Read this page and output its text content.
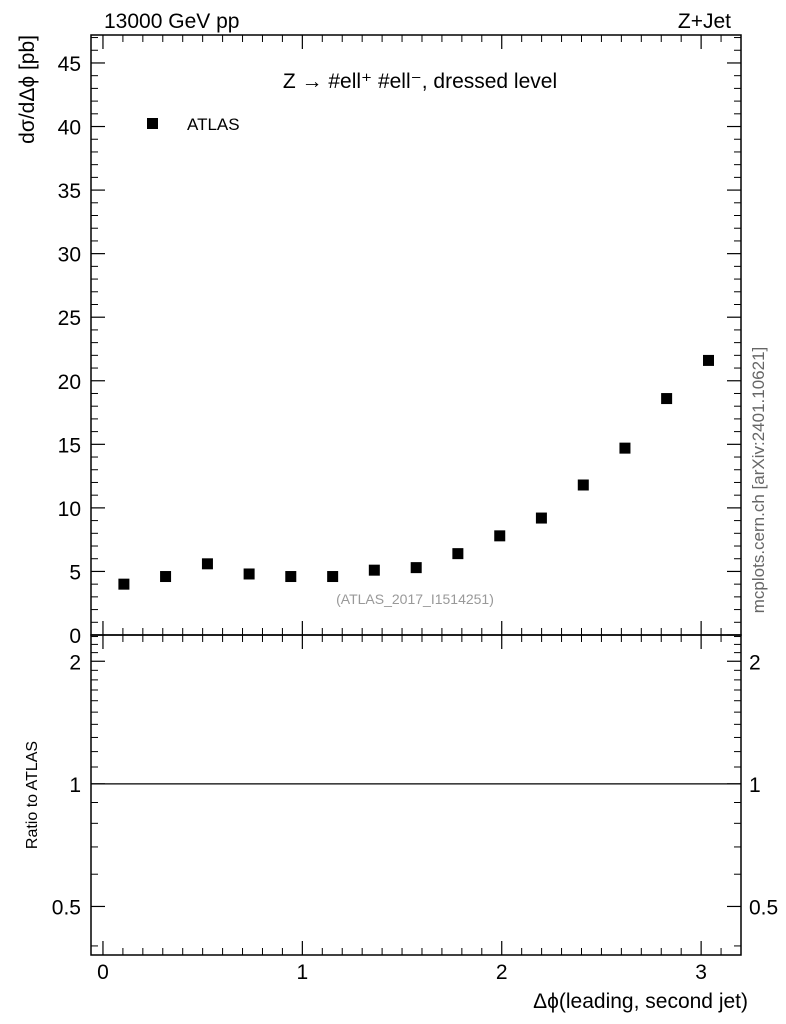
13000 GeV pp	Z+Jet
mcplots.cern.ch [arXiv:2401.10621]
0
5
10
15
20
25
30
35
40
45
dσ/dΔϕ [pb]	Z → #ell⁺ #ell⁻, dressed level
ATLAS
(ATLAS_2017_I1514251)
0.5	0.5
1	1
2	2
0	1	2	3
Ratio to ATLAS
Δϕ(leading, second jet)
